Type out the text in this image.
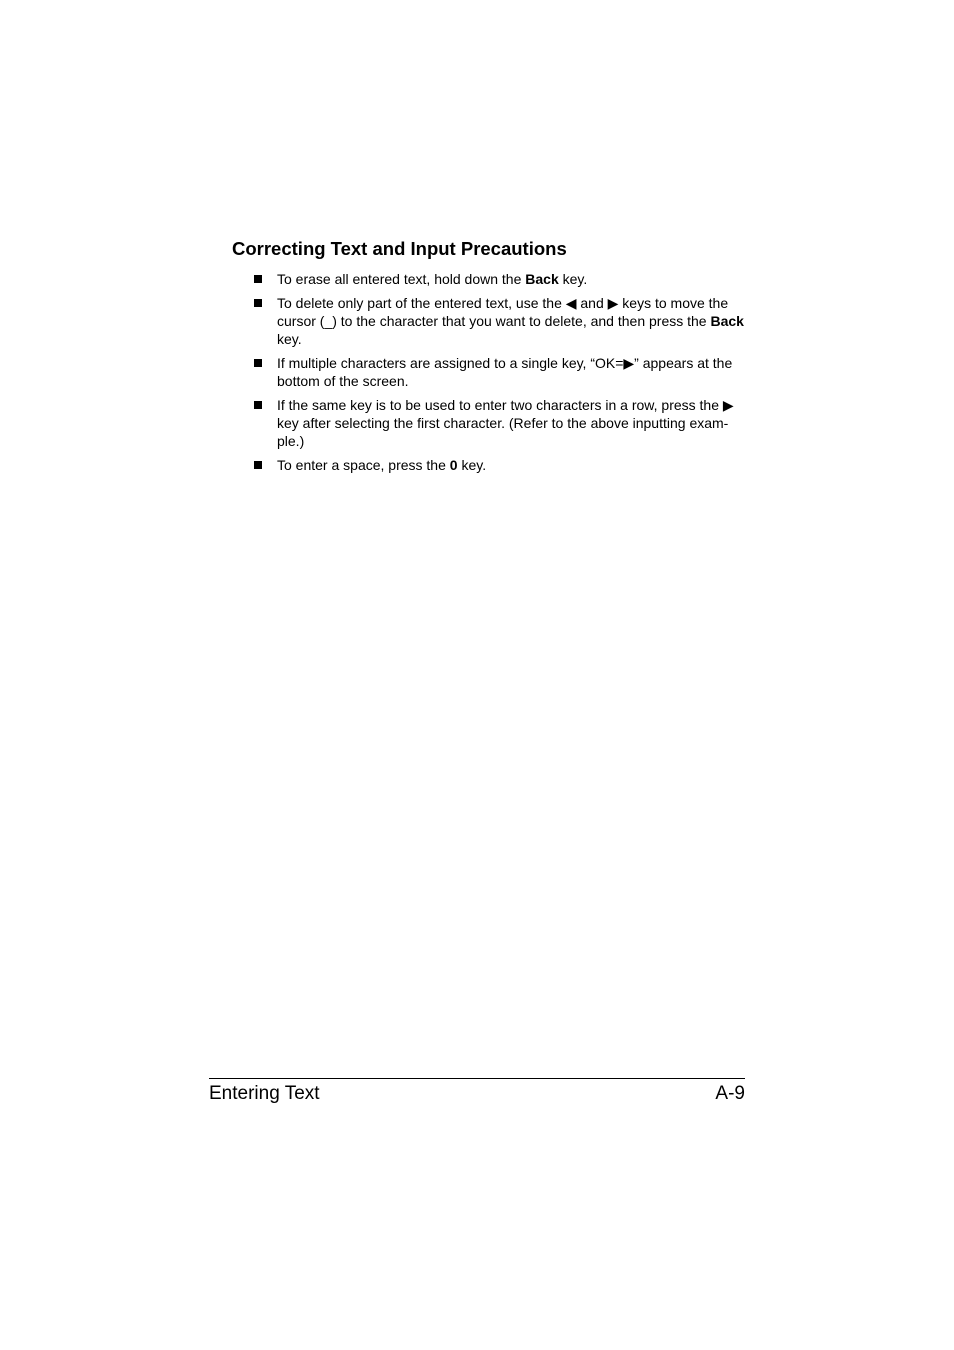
Correcting Text and Input Precautions
To erase all entered text, hold down the Back key.
To delete only part of the entered text, use the ◀ and ▶ keys to move the cursor (_) to the character that you want to delete, and then press the Back key.
If multiple characters are assigned to a single key, “OK=▶” appears at the bottom of the screen.
If the same key is to be used to enter two characters in a row, press the ▶ key after selecting the first character. (Refer to the above inputting exam-ple.)
To enter a space, press the 0 key.
Entering Text	A-9
